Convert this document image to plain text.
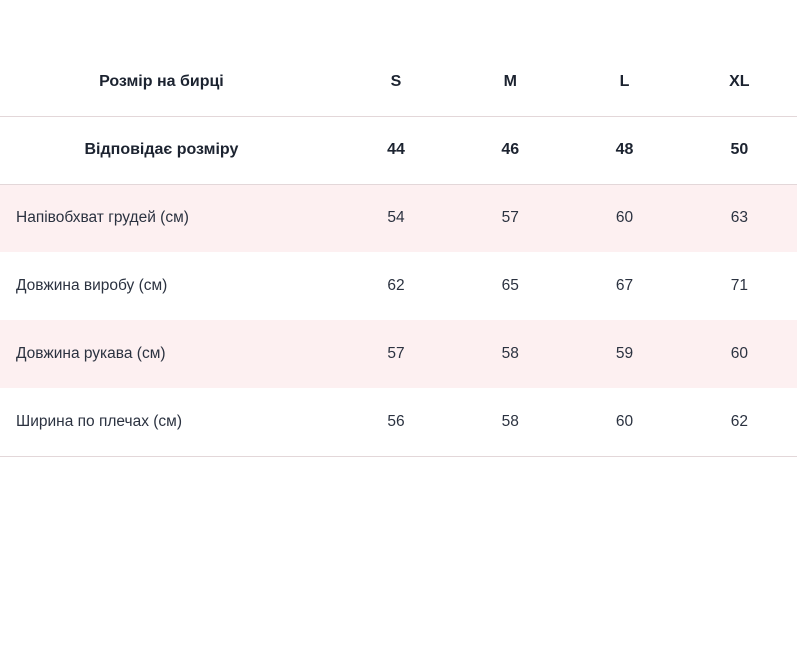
Розмір на бирці	S	M	L	XL
Відповідає розміру	44	46	48	50
Напівобхват грудей (см)	54	57	60	63
Довжина виробу (см)	62	65	67	71
Довжина рукава (см)	57	58	59	60
Ширина по плечах (см)	56	58	60	62
